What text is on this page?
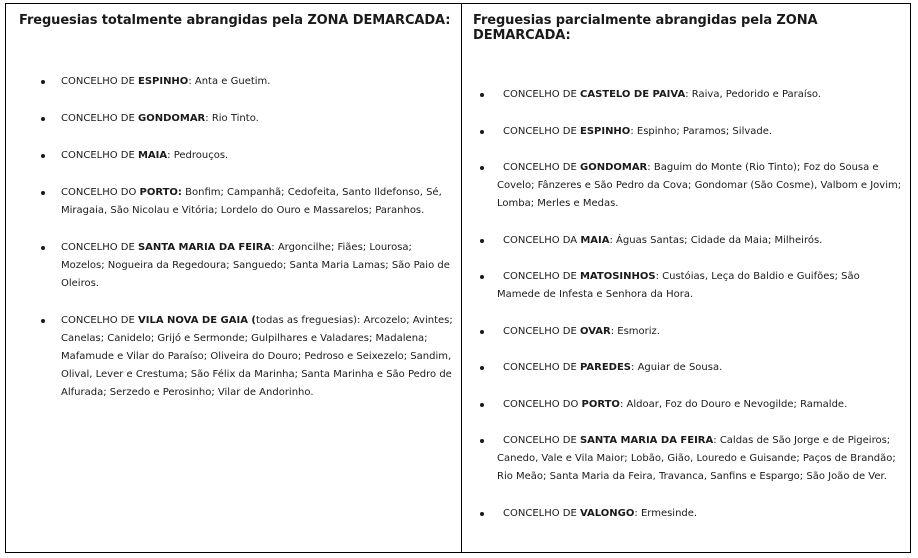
Freguesias totalmente abrangidas pela ZONA DEMARCADA:

CONCELHO DE ESPINHO: Anta e Guetim.
CONCELHO DE GONDOMAR: Rio Tinto.
CONCELHO DE MAIA: Pedrouços.
CONCELHO DO PORTO: Bonfim; Campanhã; Cedofeita, Santo Ildefonso, Sé, Miragaia, São Nicolau e Vitória; Lordelo do Ouro e Massarelos; Paranhos.
CONCELHO DE SANTA MARIA DA FEIRA: Argoncilhe; Fiães; Lourosa; Mozelos; Nogueira da Regedoura; Sanguedo; Santa Maria Lamas; São Paio de Oleiros.
CONCELHO DE VILA NOVA DE GAIA (todas as freguesias): Arcozelo; Avintes; Canelas; Canidelo; Grijó e Sermonde; Gulpilhares e Valadares; Madalena; Mafamude e Vilar do Paraíso; Oliveira do Douro; Pedroso e Seixezelo; Sandim, Olival, Lever e Crestuma; São Félix da Marinha; Santa Marinha e São Pedro de Alfurada; Serzedo e Perosinho; Vilar de Andorinho.

Freguesias parcialmente abrangidas pela ZONA DEMARCADA:

CONCELHO DE CASTELO DE PAIVA: Raiva, Pedorido e Paraíso.
CONCELHO DE ESPINHO: Espinho; Paramos; Silvade.
CONCELHO DE GONDOMAR: Baguim do Monte (Rio Tinto); Foz do Sousa e Covelo; Fânzeres e São Pedro da Cova; Gondomar (São Cosme), Valbom e Jovim; Lomba; Merles e Medas.
CONCELHO DA MAIA: Águas Santas; Cidade da Maia; Milheirós.
CONCELHO DE MATOSINHOS: Custóias, Leça do Baldio e Guifões; São Mamede de Infesta e Senhora da Hora.
CONCELHO DE OVAR: Esmoriz.
CONCELHO DE PAREDES: Aguiar de Sousa.
CONCELHO DO PORTO: Aldoar, Foz do Douro e Nevogilde; Ramalde.
CONCELHO DE SANTA MARIA DA FEIRA: Caldas de São Jorge e de Pigeiros; Canedo, Vale e Vila Maior; Lobão, Gião, Louredo e Guisande; Paços de Brandão; Rio Meão; Santa Maria da Feira, Travanca, Sanfins e Espargo; São João de Ver.
CONCELHO DE VALONGO: Ermesinde.
